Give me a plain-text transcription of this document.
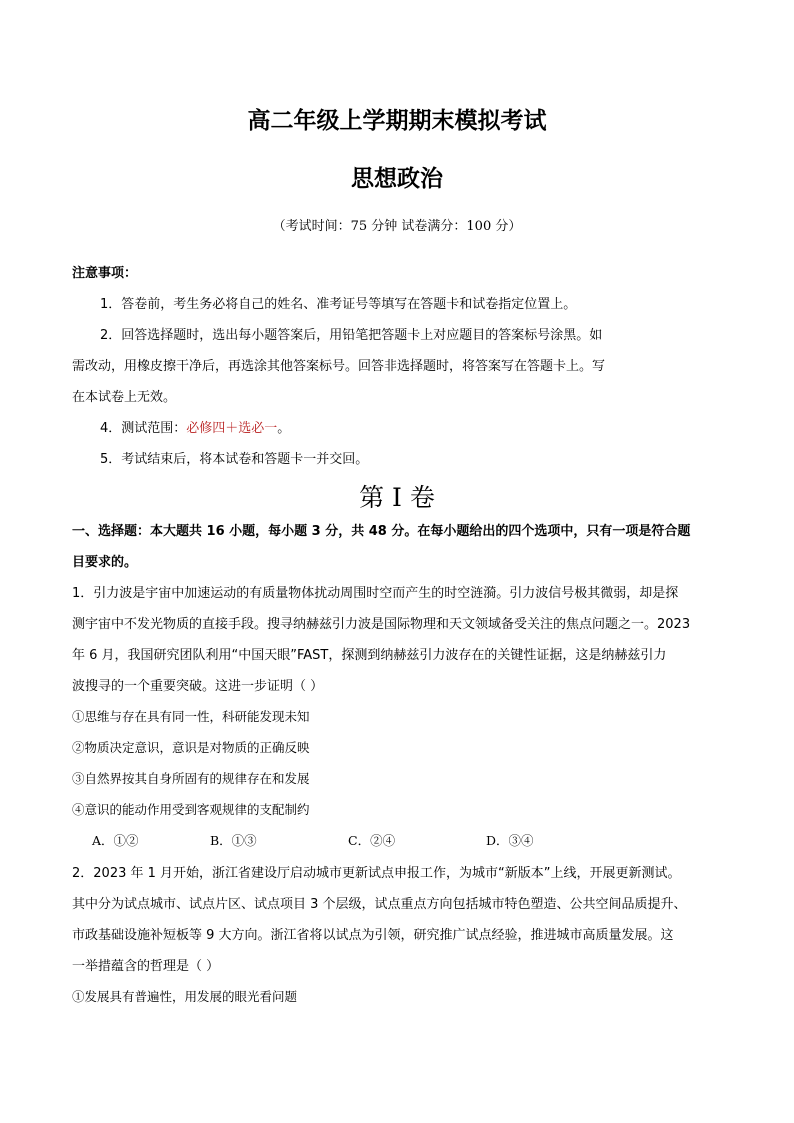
高二年级上学期期末模拟考试
思想政治
（考试时间：75 分钟 试卷满分：100 分）
注意事项：
1．答卷前，考生务必将自己的姓名、准考证号等填写在答题卡和试卷指定位置上。
2．回答选择题时，选出每小题答案后，用铅笔把答题卡上对应题目的答案标号涂黑。如
需改动，用橡皮擦干净后，再选涂其他答案标号。回答非选择题时，将答案写在答题卡上。写
在本试卷上无效。
4．测试范围：必修四＋选必一。
5．考试结束后，将本试卷和答题卡一并交回。
第 I 卷
一、选择题：本大题共 16 小题，每小题 3 分，共 48 分。在每小题给出的四个选项中，只有一项是符合题
目要求的。
1．引力波是宇宙中加速运动的有质量物体扰动周围时空而产生的时空涟漪。引力波信号极其微弱，却是探
测宇宙中不发光物质的直接手段。搜寻纳赫兹引力波是国际物理和天文领域备受关注的焦点问题之一。2023
年 6 月，我国研究团队利用“中国天眼”FAST，探测到纳赫兹引力波存在的关键性证据，这是纳赫兹引力
波搜寻的一个重要突破。这进一步证明（ ）
①思维与存在具有同一性，科研能发现未知
②物质决定意识，意识是对物质的正确反映
③自然界按其自身所固有的规律存在和发展
④意识的能动作用受到客观规律的支配制约
A．①②	B．①③	C．②④	D．③④
2．2023 年 1 月开始，浙江省建设厅启动城市更新试点申报工作，为城市“新版本”上线，开展更新测试。
其中分为试点城市、试点片区、试点项目 3 个层级，试点重点方向包括城市特色塑造、公共空间品质提升、
市政基础设施补短板等 9 大方向。浙江省将以试点为引领，研究推广试点经验，推进城市高质量发展。这
一举措蕴含的哲理是（ ）
①发展具有普遍性，用发展的眼光看问题
